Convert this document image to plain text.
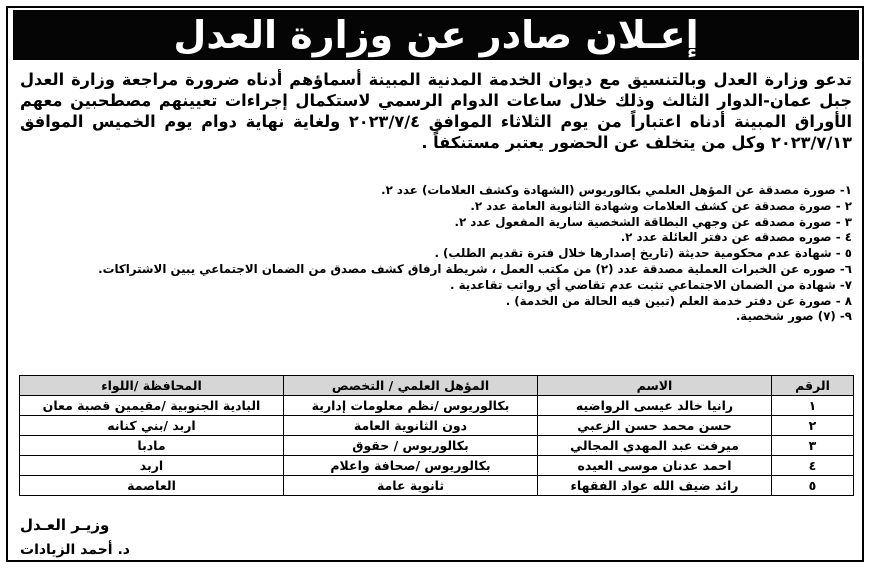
إعـلان صادر عن وزارة العدل

تدعو وزارة العدل وبالتنسيق مع ديوان الخدمة المدنية المبينة أسماؤهم أدناه ضرورة مراجعة وزارة العدل جبل عمان-الدوار الثالث وذلك خلال ساعات الدوام الرسمي لاستكمال إجراءات تعيينهم مصطحبين معهم الأوراق المبينة أدناه اعتباراً من يوم الثلاثاء الموافق ٢٠٢٣/٧/٤ ولغاية نهاية دوام يوم الخميس الموافق ٢٠٢٣/٧/١٣ وكل من يتخلف عن الحضور يعتبر مستنكفاً .

١- صورة مصدقة عن المؤهل العلمي بكالوريوس (الشهادة وكشف العلامات) عدد ٢.
٢ - صورة مصدقة عن كشف العلامات وشهادة الثانوية العامة عدد ٢.
٣ - صورة مصدقه عن وجهي البطاقة الشخصية سارية المفعول عدد ٢.
٤ - صوره مصدقه عن دفتر العائلة عدد ٢.
٥ - شهادة عدم محكومية حديثة (تاريخ إصدارها خلال فترة تقديم الطلب) .
٦- صوره عن الخبرات العملية مصدقة عدد (٢) من مكتب العمل ، شريطة ارفاق كشف مصدق من الضمان الاجتماعي يبين الاشتراكات.
٧- شهادة من الضمان الاجتماعي تثبت عدم تقاضي أي رواتب تقاعدية .
٨ - صورة عن دفتر خدمة العلم (تبين فيه الحالة من الخدمة) .
٩- (٧) صور شخصية.
الرقم	الاسم	المؤهل العلمي / التخصص	المحافظة /اللواء
١	رانيا خالد عيسى الرواضيه	بكالوريوس /نظم معلومات إدارية	البادية الجنوبية /مقيمين قصبة معان
٢	حسن محمد حسن الزعبي	دون الثانوية العامة	اربد /بني كنانه
٣	ميرفت عبد المهدي المجالي	بكالوريوس / حقوق	مادبا
٤	احمد عدنان موسى العيده	بكالوريوس /صحافة واعلام	اربد
٥	رائد ضيف الله عواد الفقهاء	ثانوية عامة	العاصمة
وزيـر العـدل
د. أحمد الزيادات
